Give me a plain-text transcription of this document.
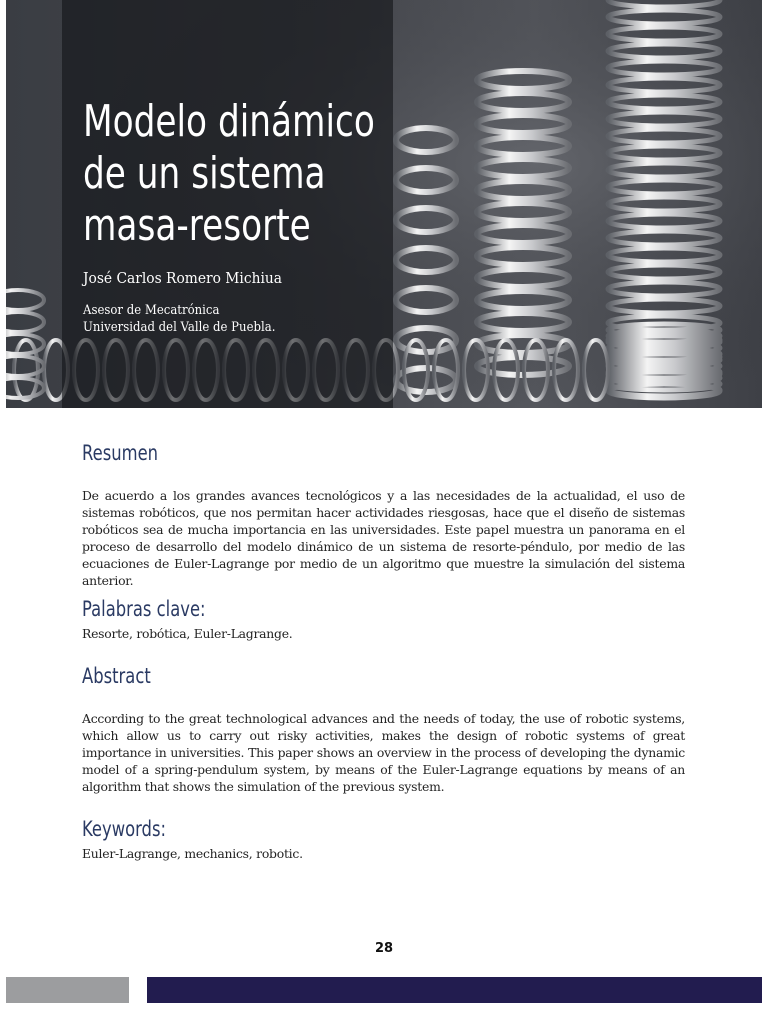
Modelo dinámico
de un sistema
masa-resorte
José Carlos Romero Michiua
Asesor de Mecatrónica
Universidad del Valle de Puebla.
Resumen

De acuerdo a los grandes avances tecnológicos y a las necesidades de la actualidad, el uso de sistemas robóticos, que nos permitan hacer actividades riesgosas, hace que el diseño de sistemas robóticos sea de mucha importancia en las universidades. Este papel muestra un panorama en el proceso de desarrollo del modelo dinámico de un sistema de resorte-péndulo, por medio de las ecuaciones de Euler-Lagrange por medio de un algoritmo que muestre la simulación del sistema anterior.

Palabras clave:

Resorte, robótica, Euler-Lagrange.

Abstract

According to the great technological advances and the needs of today, the use of robotic systems, which allow us to carry out risky activities, makes the design of robotic systems of great importance in universities. This paper shows an overview in the process of developing the dynamic model of a spring-pendulum system, by means of the Euler-Lagrange equations by means of an algorithm that shows the simulation of the previous system.

Keywords:

Euler-Lagrange, mechanics, robotic.

28
